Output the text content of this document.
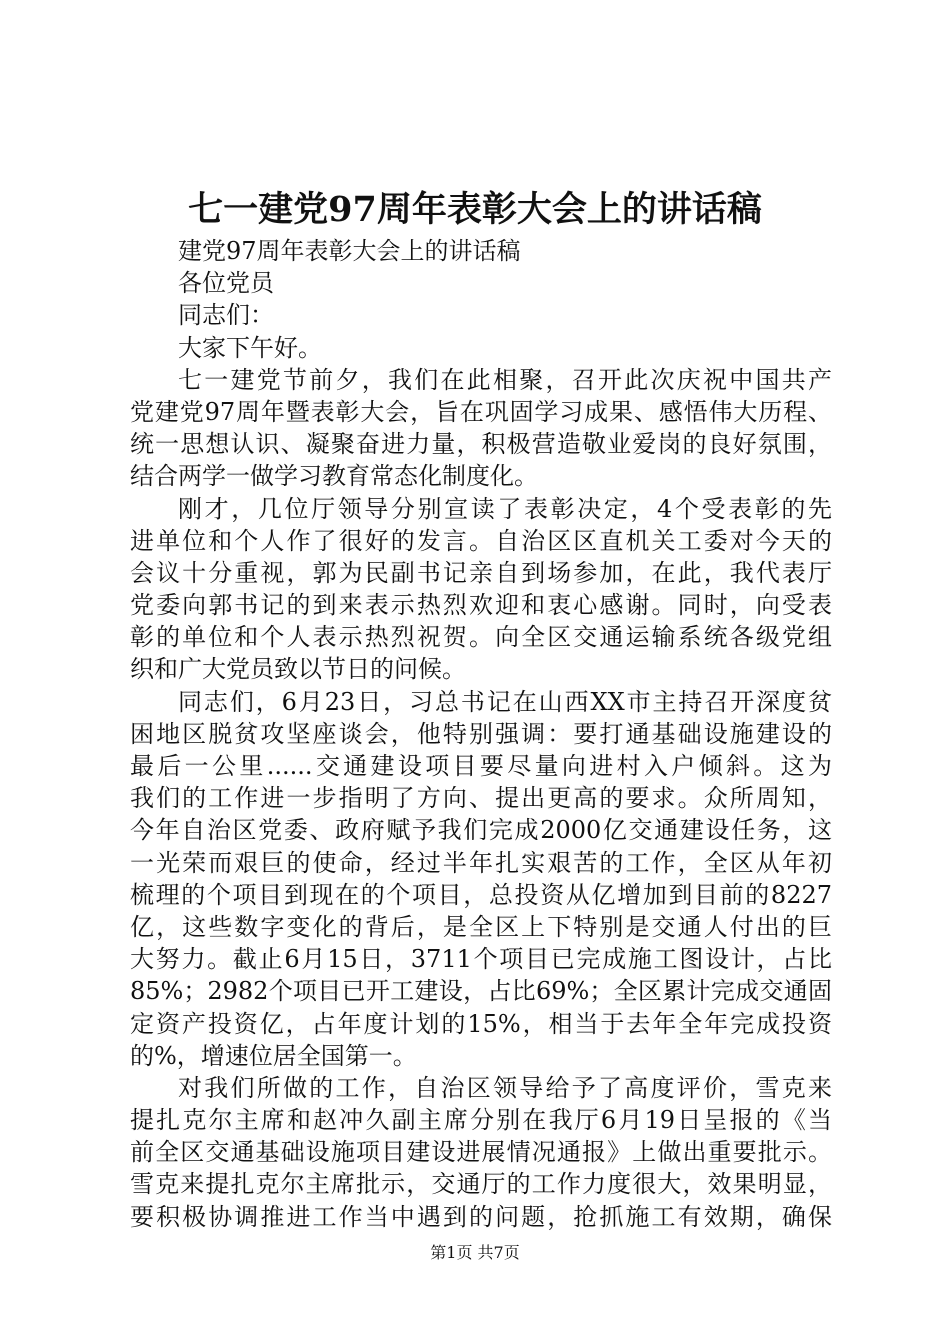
七一建党97周年表彰大会上的讲话稿
建党97周年表彰大会上的讲话稿
各位党员
同志们：
大家下午好。
七一建党节前夕，我们在此相聚，召开此次庆祝中国共产
党建党97周年暨表彰大会，旨在巩固学习成果、感悟伟大历程、
统一思想认识、凝聚奋进力量，积极营造敬业爱岗的良好氛围，
结合两学一做学习教育常态化制度化。
刚才，几位厅领导分别宣读了表彰决定，4个受表彰的先
进单位和个人作了很好的发言。自治区区直机关工委对今天的
会议十分重视，郭为民副书记亲自到场参加，在此，我代表厅
党委向郭书记的到来表示热烈欢迎和衷心感谢。同时，向受表
彰的单位和个人表示热烈祝贺。向全区交通运输系统各级党组
织和广大党员致以节日的问候。
同志们，6月23日，习总书记在山西XX市主持召开深度贫
困地区脱贫攻坚座谈会，他特别强调：要打通基础设施建设的
最后一公里......交通建设项目要尽量向进村入户倾斜。这为
我们的工作进一步指明了方向、提出更高的要求。众所周知，
今年自治区党委、政府赋予我们完成2000亿交通建设任务，这
一光荣而艰巨的使命，经过半年扎实艰苦的工作，全区从年初
梳理的个项目到现在的个项目，总投资从亿增加到目前的8227
亿，这些数字变化的背后，是全区上下特别是交通人付出的巨
大努力。截止6月15日，3711个项目已完成施工图设计，占比
85%；2982个项目已开工建设，占比69%；全区累计完成交通固
定资产投资亿，占年度计划的15%，相当于去年全年完成投资
的%，增速位居全国第一。
对我们所做的工作，自治区领导给予了高度评价，雪克来
提扎克尔主席和赵冲久副主席分别在我厅6月19日呈报的《当
前全区交通基础设施项目建设进展情况通报》上做出重要批示。
雪克来提扎克尔主席批示，交通厅的工作力度很大，效果明显，
要积极协调推进工作当中遇到的问题，抢抓施工有效期，确保
第1页 共7页
